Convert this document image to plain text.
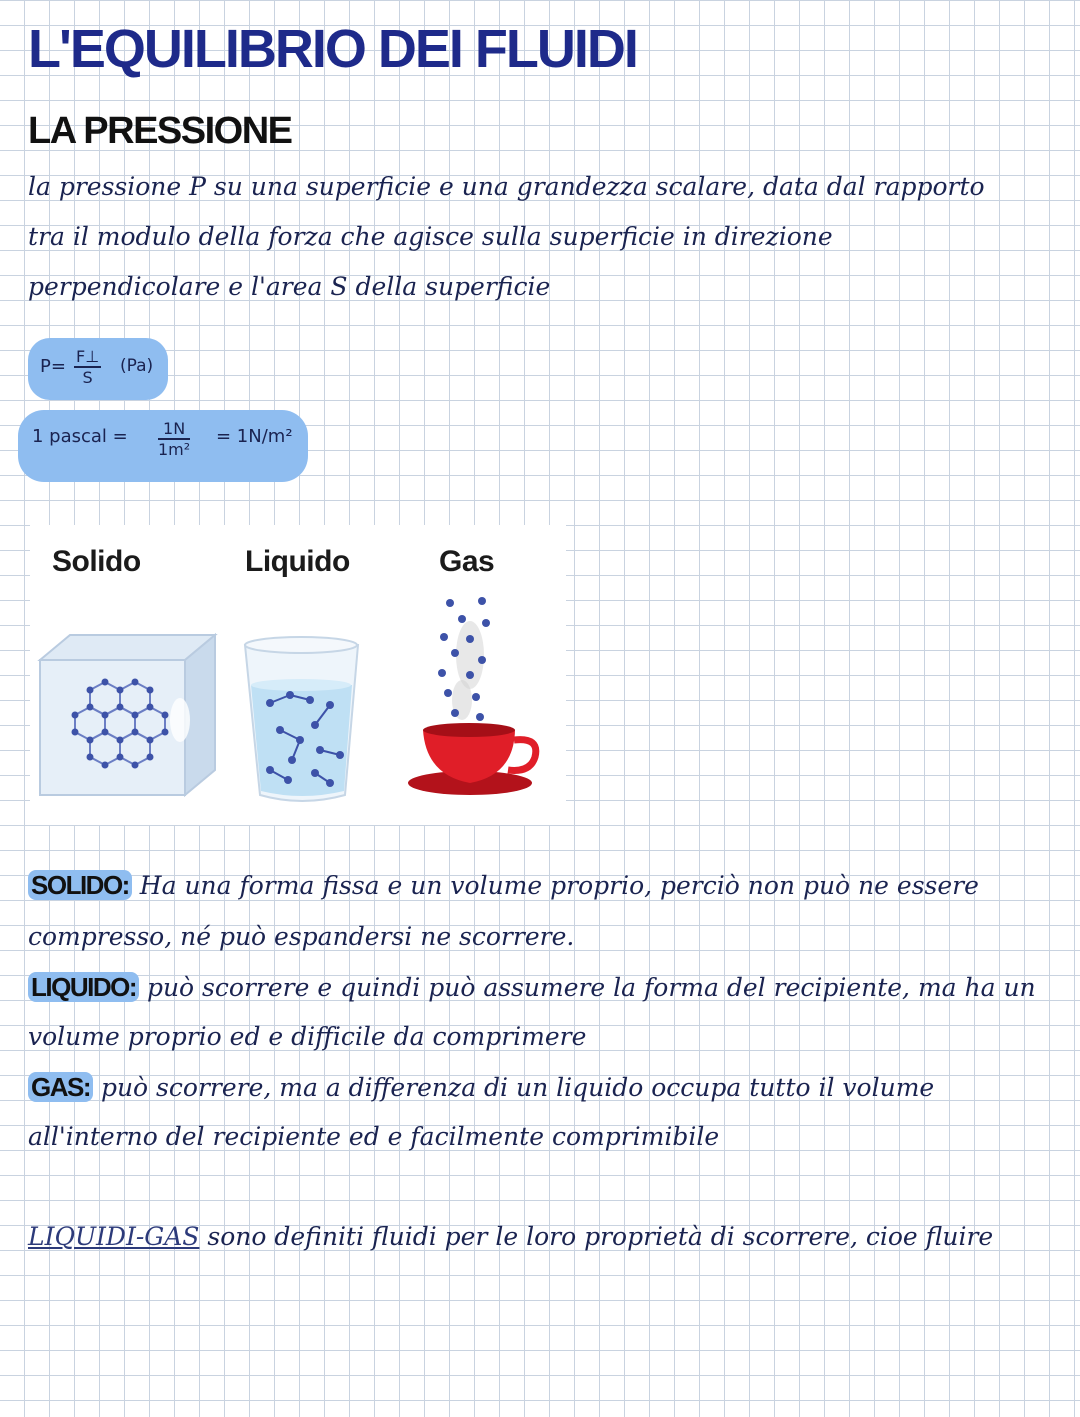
L'EQUILIBRIO DEI FLUIDI
LA PRESSIONE
la pressione P su una superficie e una grandezza scalare, data dal rapporto
tra il modulo della forza che agisce sulla superficie in direzione
perpendicolare e l'area S della superficie
$P= \frac{F\perp}{S} (Pa)$
1 pascal = $\frac{1N}{\text{1m²}} = 1N/m^2$
Solido	Liquido	Gas
SOLIDO: Ha una forma fissa e un volume proprio, perciò non può ne essere
compresso, né può espandersi ne scorrere.
LIQUIDO: può scorrere e quindi può assumere la forma del recipiente, ma ha un
volume proprio ed e difficile da comprimere
GAS: può scorrere, ma a differenza di un liquido occupa tutto il volume
all'interno del recipiente ed e facilmente comprimibile
LIQUIDI-GAS sono definiti fluidi per le loro proprietà di scorrere, cioe fluire
